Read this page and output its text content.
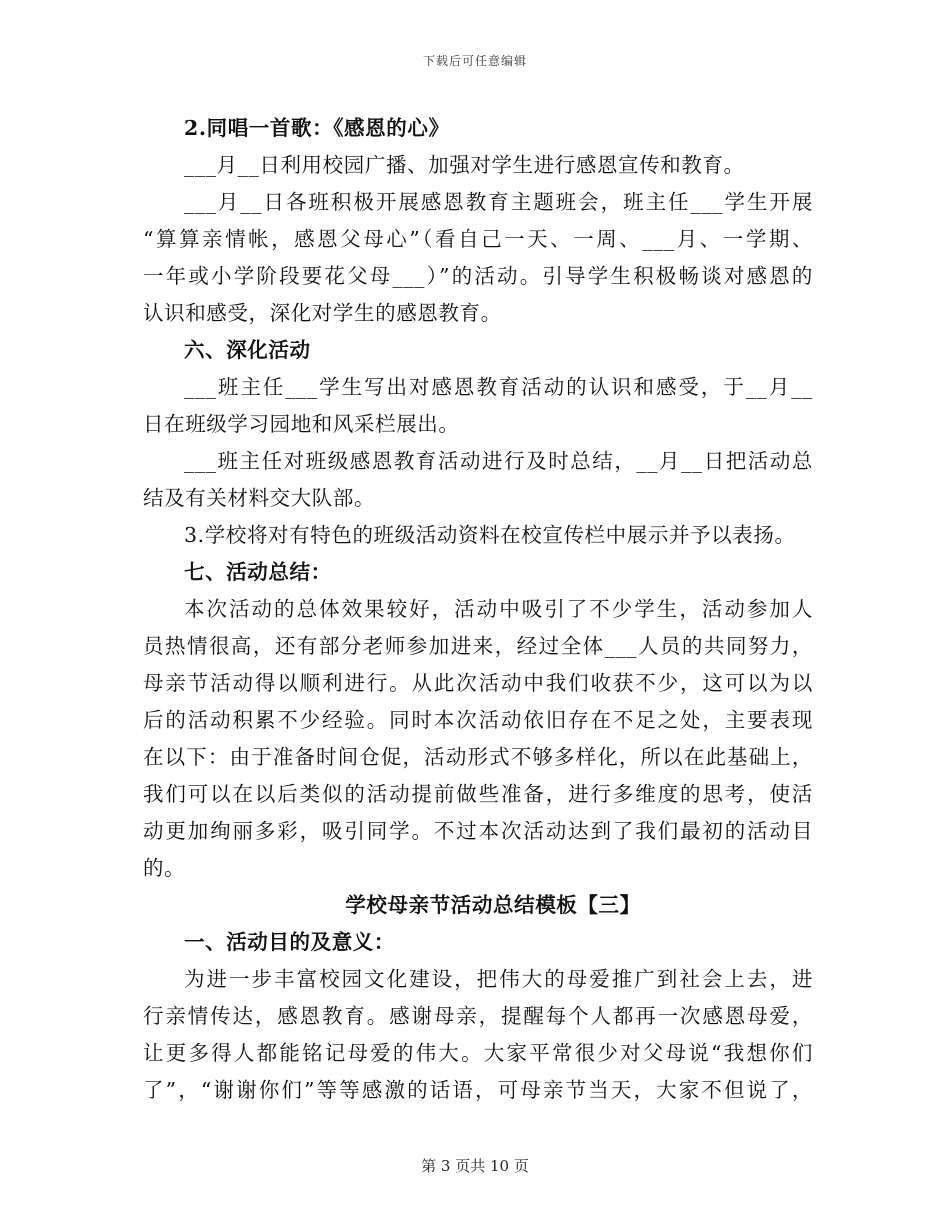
下载后可任意编辑
2.同唱一首歌：《感恩的心》
___月__日利用校园广播、加强对学生进行感恩宣传和教育。
___月__日各班积极开展感恩教育主题班会，班主任___学生开展
“算算亲情帐，感恩父母心”（看自己一天、一周、___月、一学期、
一年或小学阶段要花父母___）”的活动。引导学生积极畅谈对感恩的
认识和感受，深化对学生的感恩教育。
六、深化活动
___班主任___学生写出对感恩教育活动的认识和感受，于__月__
日在班级学习园地和风采栏展出。
___班主任对班级感恩教育活动进行及时总结，__月__日把活动总
结及有关材料交大队部。
3.学校将对有特色的班级活动资料在校宣传栏中展示并予以表扬。
七、活动总结：
本次活动的总体效果较好，活动中吸引了不少学生，活动参加人
员热情很高，还有部分老师参加进来，经过全体___人员的共同努力，
母亲节活动得以顺利进行。从此次活动中我们收获不少，这可以为以
后的活动积累不少经验。同时本次活动依旧存在不足之处，主要表现
在以下：由于准备时间仓促，活动形式不够多样化，所以在此基础上，
我们可以在以后类似的活动提前做些准备，进行多维度的思考，使活
动更加绚丽多彩，吸引同学。不过本次活动达到了我们最初的活动目
的。
学校母亲节活动总结模板【三】
一、活动目的及意义：
为进一步丰富校园文化建设，把伟大的母爱推广到社会上去，进
行亲情传达，感恩教育。感谢母亲，提醒每个人都再一次感恩母爱，
让更多得人都能铭记母爱的伟大。大家平常很少对父母说“我想你们
了”，“谢谢你们”等等感激的话语，可母亲节当天，大家不但说了，
第 3 页共 10 页
